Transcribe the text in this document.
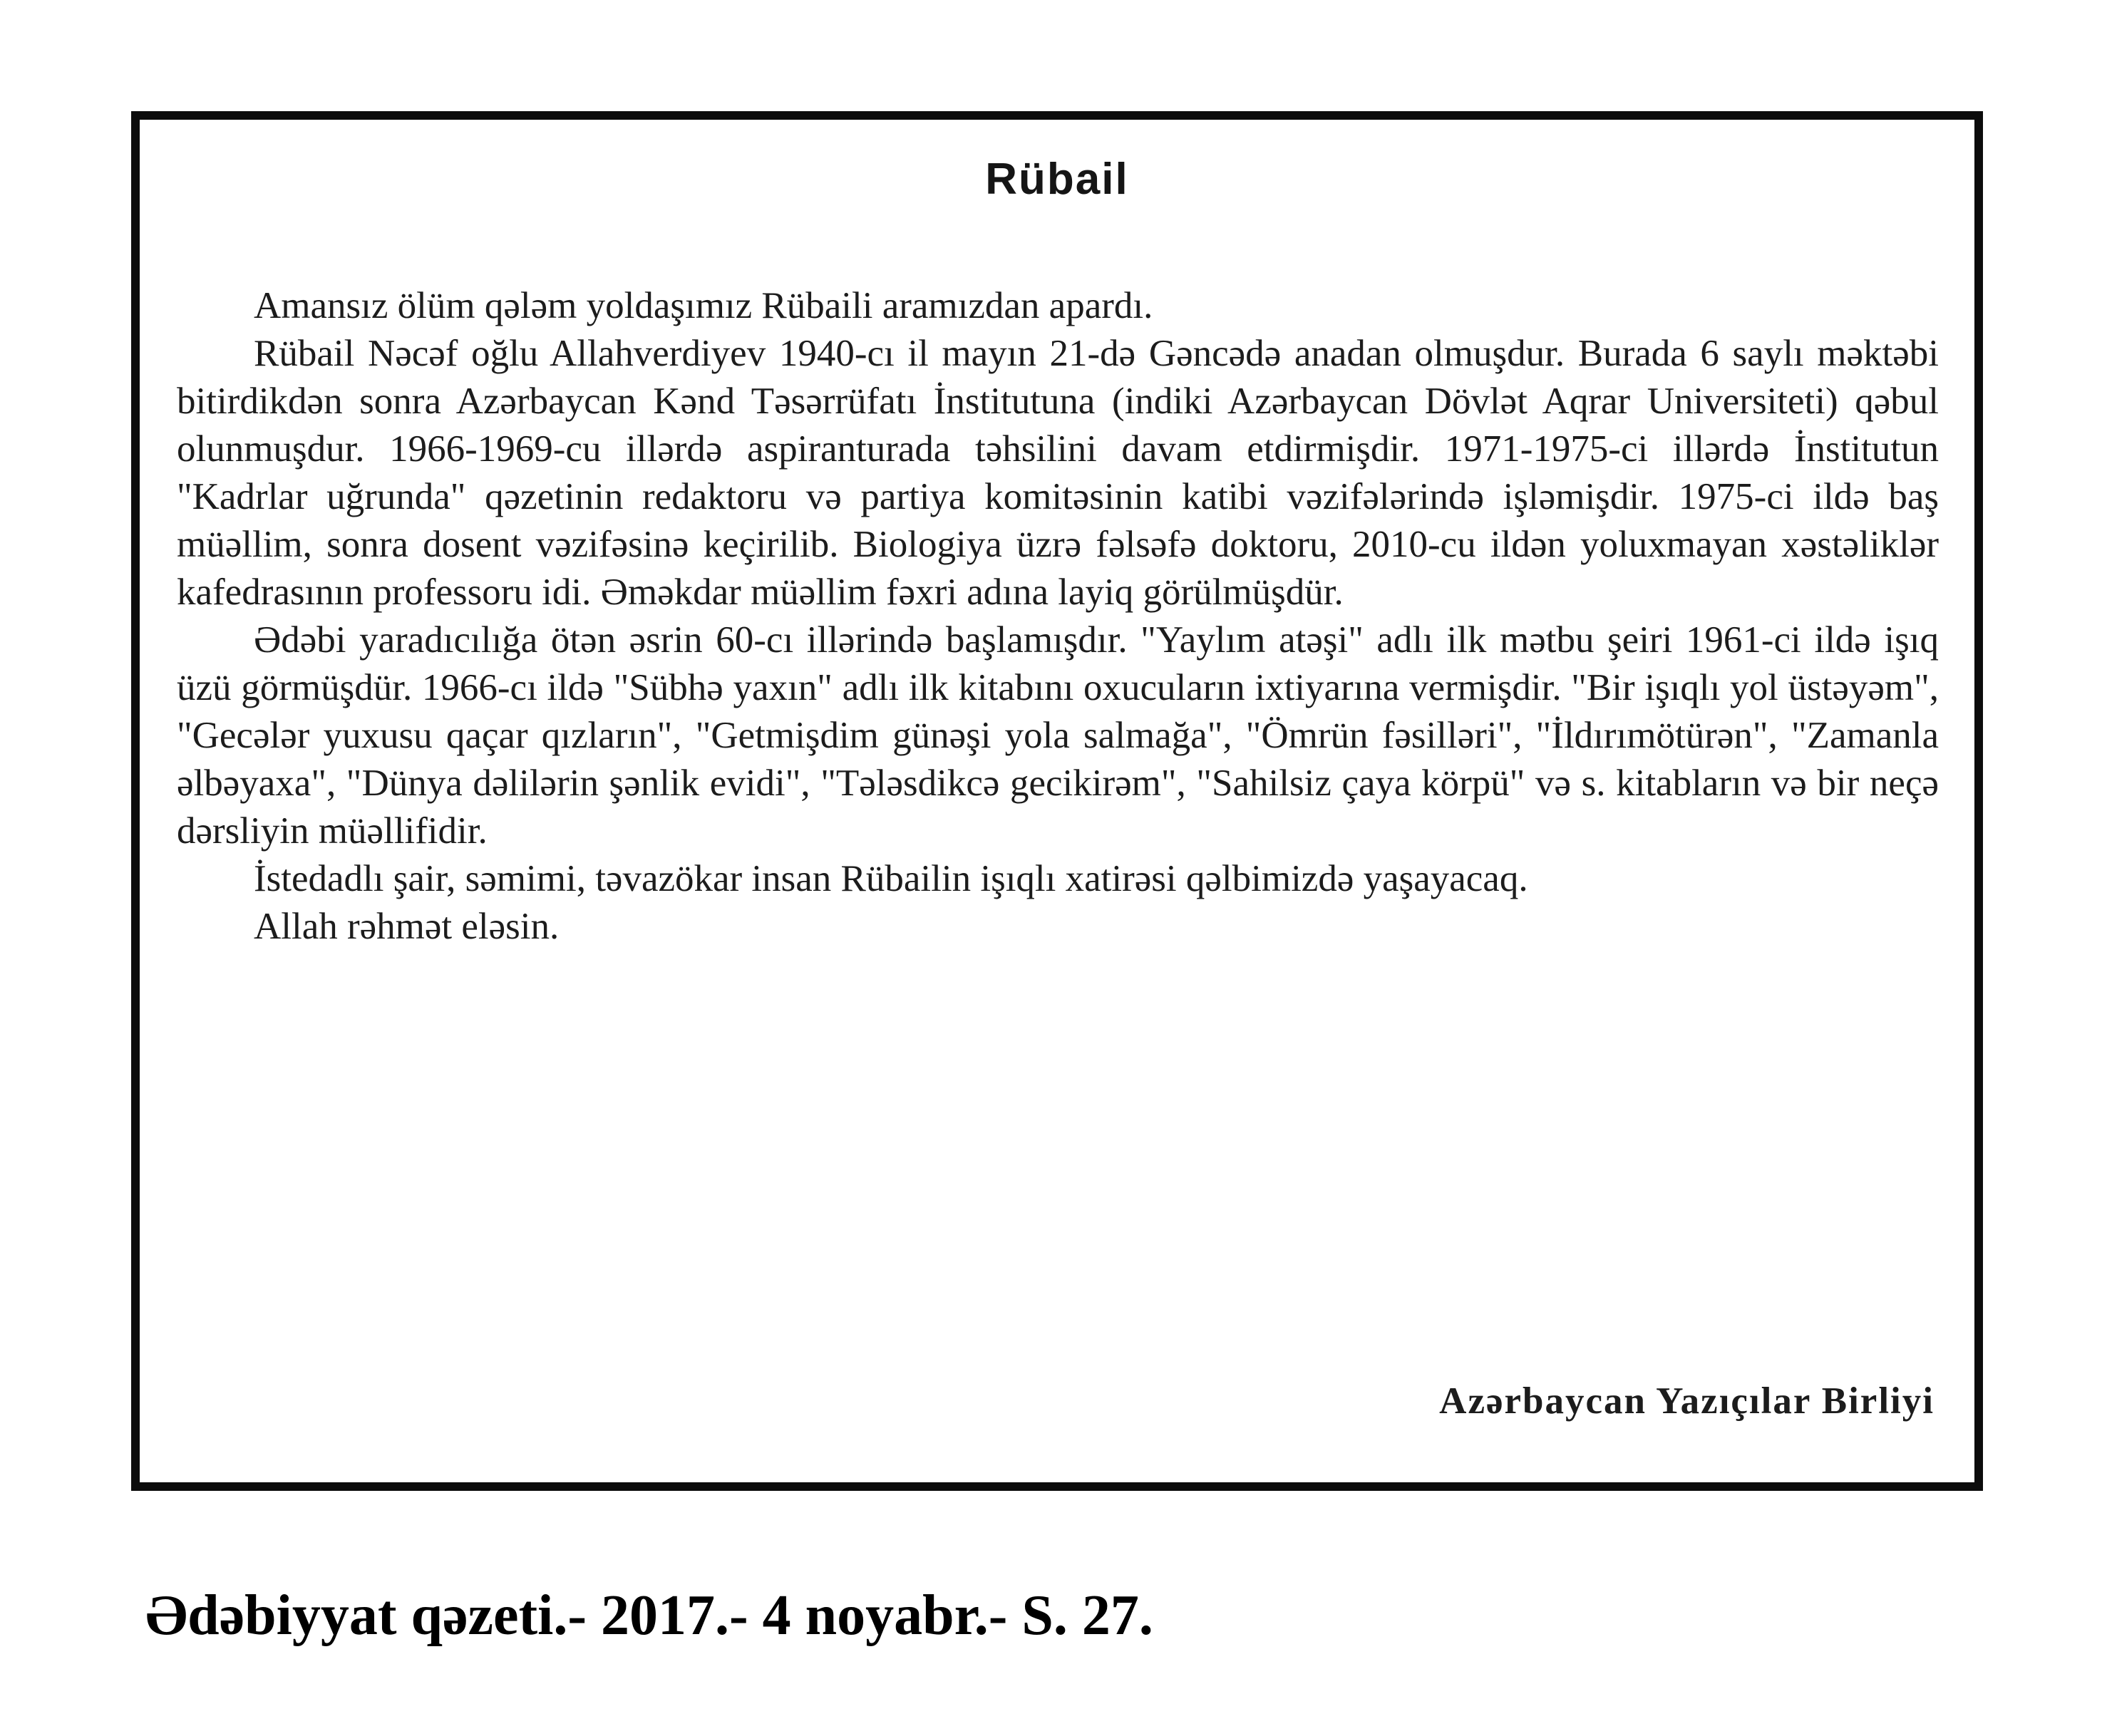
Rübail

Amansız ölüm qələm yoldaşımız Rübaili aramızdan apardı.

Rübail Nəcəf oğlu Allahverdiyev 1940-cı il mayın 21-də Gəncədə anadan olmuşdur. Burada 6 saylı məktəbi bitirdikdən sonra Azərbaycan Kənd Təsərrüfatı İnstitutuna (indiki Azərbaycan Dövlət Aqrar Universiteti) qəbul olunmuşdur. 1966-1969-cu illərdə aspiranturada təhsilini davam etdirmişdir. 1971-1975-ci illərdə İnstitutun "Kadrlar uğrunda" qəzetinin redaktoru və partiya komitəsinin katibi vəzifələrində işləmişdir. 1975-ci ildə baş müəllim, sonra dosent vəzifəsinə keçirilib. Biologiya üzrə fəlsəfə doktoru, 2010-cu ildən yoluxmayan xəstəliklər kafedrasının professoru idi. Əməkdar müəllim fəxri adına layiq görülmüşdür.

Ədəbi yaradıcılığa ötən əsrin 60-cı illərində başlamışdır. "Yaylım atəşi" adlı ilk mətbu şeiri 1961-ci ildə işıq üzü görmüşdür. 1966-cı ildə "Sübhə yaxın" adlı ilk kitabını oxucuların ixtiyarına vermişdir. "Bir işıqlı yol üstəyəm", "Gecələr yuxusu qaçar qızların", "Getmişdim günəşi yola salmağa", "Ömrün fəsilləri", "İldırımötürən", "Zamanla əlbəyaxa", "Dünya dəlilərin şənlik evidi", "Tələsdikcə gecikirəm", "Sahilsiz çaya körpü" və s. kitabların və bir neçə dərsliyin müəllifidir.

İstedadlı şair, səmimi, təvazökar insan Rübailin işıqlı xatirəsi qəlbimizdə yaşayacaq.

Allah rəhmət eləsin.

Azərbaycan Yazıçılar Birliyi

Ədəbiyyat qəzeti.- 2017.- 4 noyabr.- S. 27.
